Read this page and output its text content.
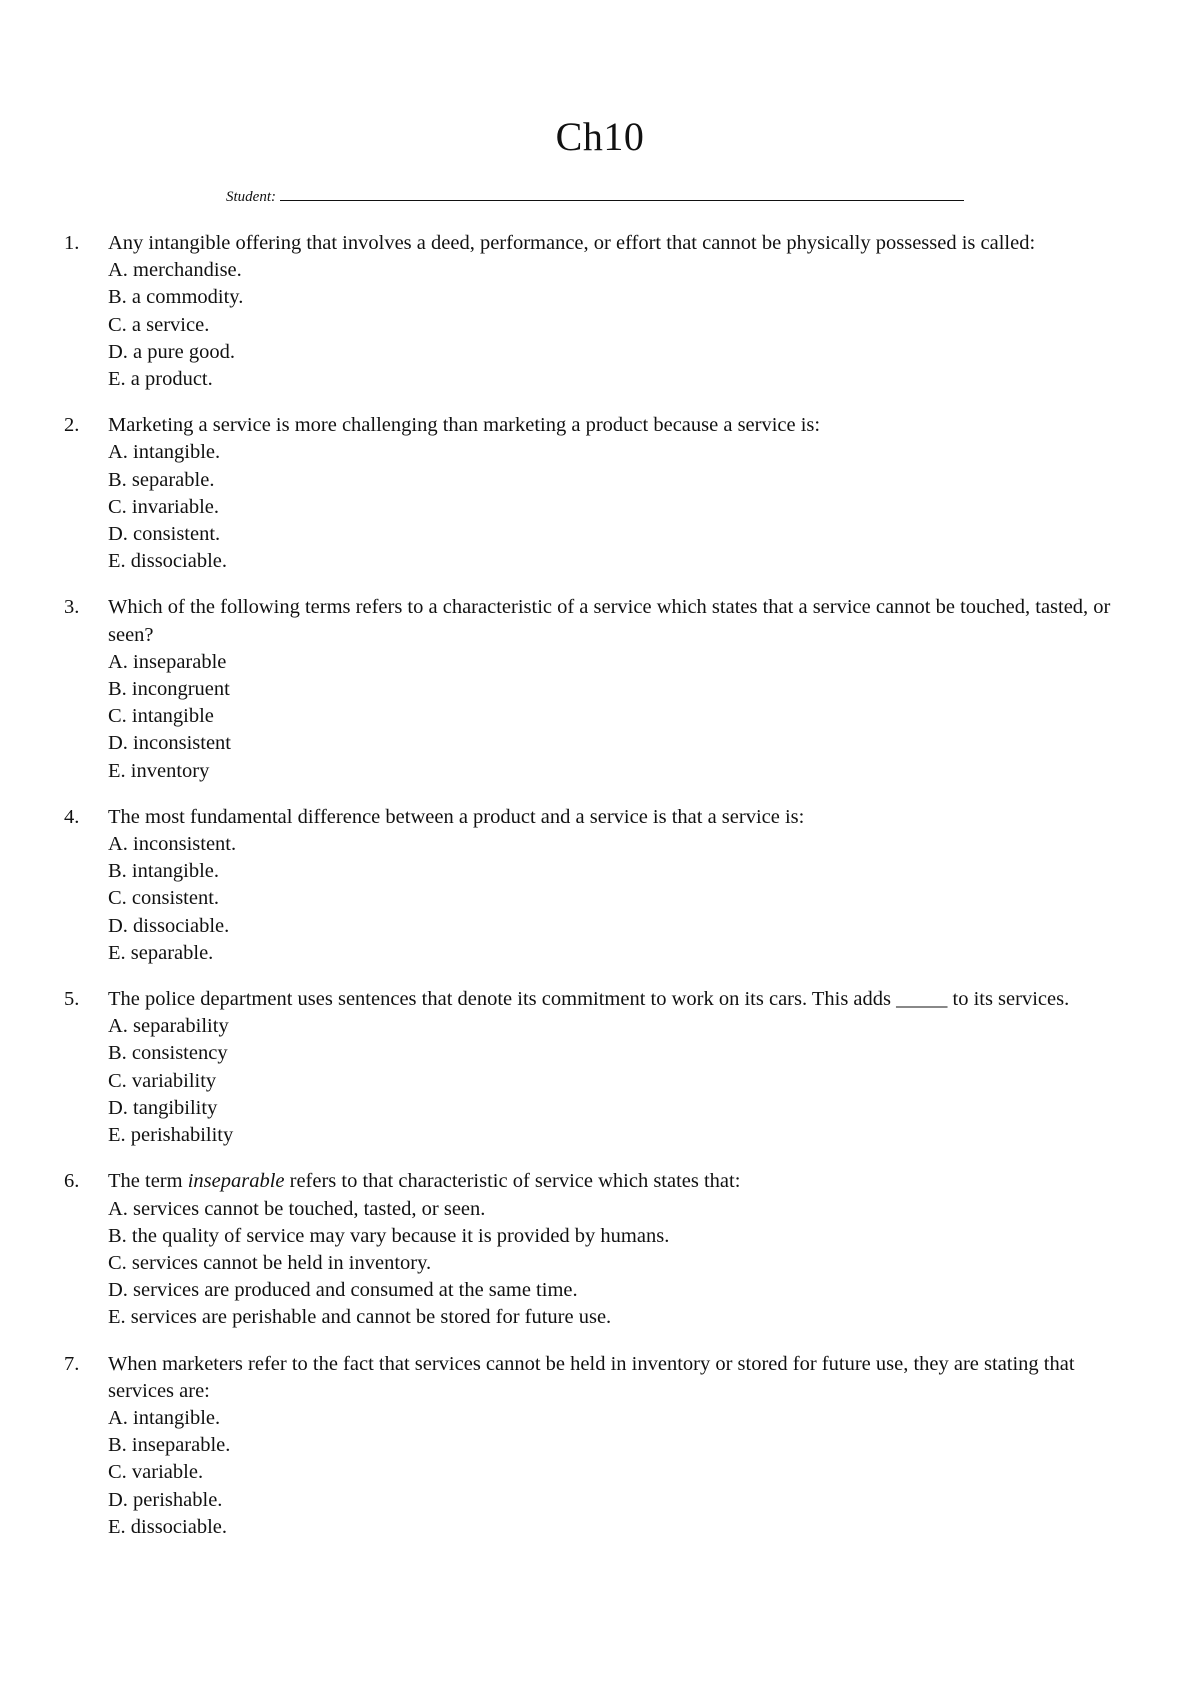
Ch10
Student:
1.	Any intangible offering that involves a deed, performance, or effort that cannot be physically possessed is called:
A. merchandise.
B. a commodity.
C. a service.
D. a pure good.
E. a product.
2.	Marketing a service is more challenging than marketing a product because a service is:
A. intangible.
B. separable.
C. invariable.
D. consistent.
E. dissociable.
3.	Which of the following terms refers to a characteristic of a service which states that a service cannot be touched, tasted, or seen?
A. inseparable
B. incongruent
C. intangible
D. inconsistent
E. inventory
4.	The most fundamental difference between a product and a service is that a service is:
A. inconsistent.
B. intangible.
C. consistent.
D. dissociable.
E. separable.
5.	The police department uses sentences that denote its commitment to work on its cars. This adds _____ to its services.
A. separability
B. consistency
C. variability
D. tangibility
E. perishability
6.	The term inseparable refers to that characteristic of service which states that:
A. services cannot be touched, tasted, or seen.
B. the quality of service may vary because it is provided by humans.
C. services cannot be held in inventory.
D. services are produced and consumed at the same time.
E. services are perishable and cannot be stored for future use.
7.	When marketers refer to the fact that services cannot be held in inventory or stored for future use, they are stating that services are:
A. intangible.
B. inseparable.
C. variable.
D. perishable.
E. dissociable.
